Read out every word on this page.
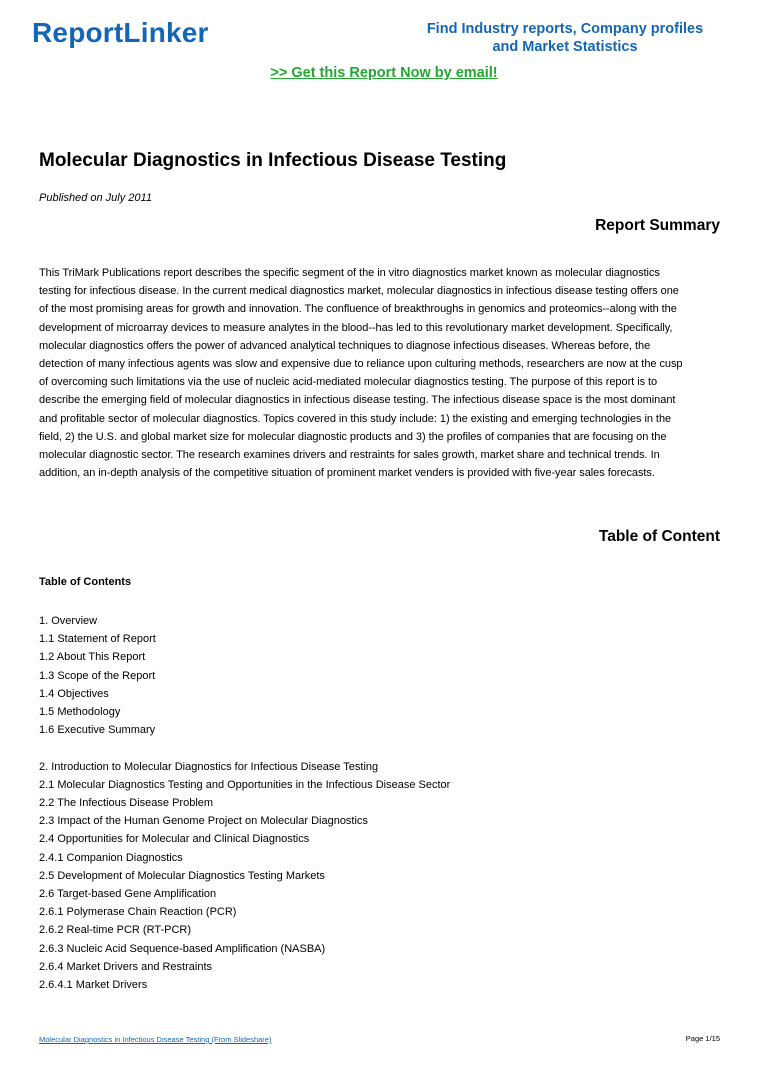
ReportLinker	Find Industry reports, Company profiles
and Market Statistics
>> Get this Report Now by email!
Molecular Diagnostics in Infectious Disease Testing
Published on July 2011
Report Summary
This TriMark Publications report describes the specific segment of the in vitro diagnostics market known as molecular diagnostics
testing for infectious disease. In the current medical diagnostics market, molecular diagnostics in infectious disease testing offers one
of the most promising areas for growth and innovation. The confluence of breakthroughs in genomics and proteomics--along with the
development of microarray devices to measure analytes in the blood--has led to this revolutionary market development. Specifically,
molecular diagnostics offers the power of advanced analytical techniques to diagnose infectious diseases. Whereas before, the
detection of many infectious agents was slow and expensive due to reliance upon culturing methods, researchers are now at the cusp
of overcoming such limitations via the use of nucleic acid-mediated molecular diagnostics testing. The purpose of this report is to
describe the emerging field of molecular diagnostics in infectious disease testing. The infectious disease space is the most dominant
and profitable sector of molecular diagnostics. Topics covered in this study include: 1) the existing and emerging technologies in the
field, 2) the U.S. and global market size for molecular diagnostic products and 3) the profiles of companies that are focusing on the
molecular diagnostic sector. The research examines drivers and restraints for sales growth, market share and technical trends. In
addition, an in-depth analysis of the competitive situation of prominent market venders is provided with five-year sales forecasts.
Table of Content
Table of Contents
1. Overview
1.1 Statement of Report
1.2 About This Report
1.3 Scope of the Report
1.4 Objectives
1.5 Methodology
1.6 Executive Summary
2. Introduction to Molecular Diagnostics for Infectious Disease Testing
2.1 Molecular Diagnostics Testing and Opportunities in the Infectious Disease Sector
2.2 The Infectious Disease Problem
2.3 Impact of the Human Genome Project on Molecular Diagnostics
2.4 Opportunities for Molecular and Clinical Diagnostics
2.4.1 Companion Diagnostics
2.5 Development of Molecular Diagnostics Testing Markets
2.6 Target-based Gene Amplification
2.6.1 Polymerase Chain Reaction (PCR)
2.6.2 Real-time PCR (RT-PCR)
2.6.3 Nucleic Acid Sequence-based Amplification (NASBA)
2.6.4 Market Drivers and Restraints
2.6.4.1 Market Drivers
Molecular Diagnostics in Infectious Disease Testing (From Slideshare)	Page 1/15
